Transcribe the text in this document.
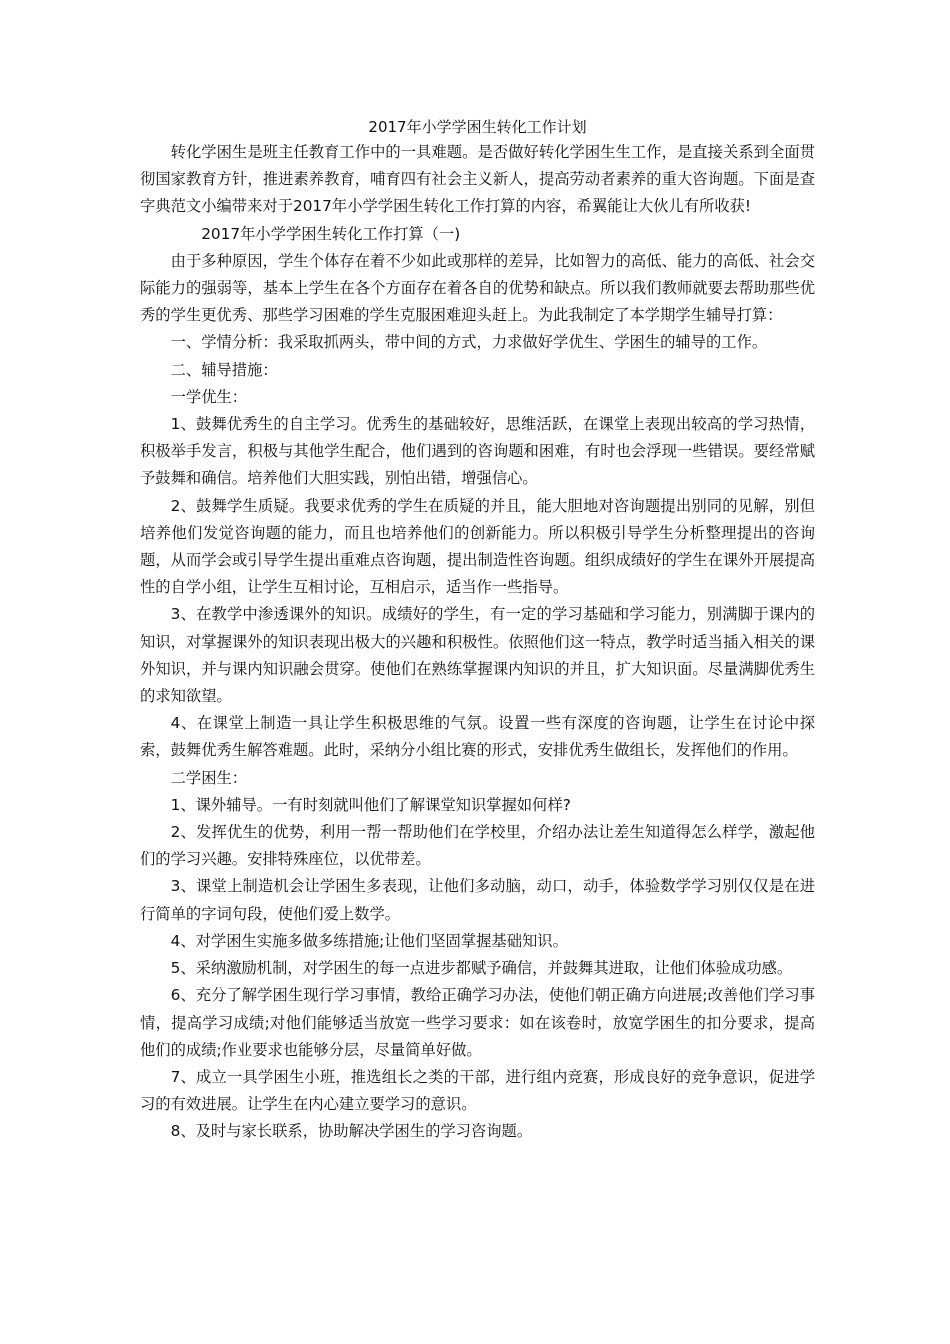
2017年小学学困生转化工作计划

转化学困生是班主任教育工作中的一具难题。是否做好转化学困生生工作，是直接关系到全面贯彻国家教育方针，推进素养教育，哺育四有社会主义新人，提高劳动者素养的重大咨询题。下面是查字典范文小编带来对于2017年小学学困生转化工作打算的内容，希翼能让大伙儿有所收获!

2017年小学学困生转化工作打算（一)

由于多种原因，学生个体存在着不少如此或那样的差异，比如智力的高低、能力的高低、社会交际能力的强弱等，基本上学生在各个方面存在着各自的优势和缺点。所以我们教师就要去帮助那些优秀的学生更优秀、那些学习困难的学生克服困难迎头赶上。为此我制定了本学期学生辅导打算：

一、学情分析：我采取抓两头，带中间的方式，力求做好学优生、学困生的辅导的工作。

二、辅导措施：

一学优生：

1、鼓舞优秀生的自主学习。优秀生的基础较好，思维活跃，在课堂上表现出较高的学习热情，积极举手发言，积极与其他学生配合，他们遇到的咨询题和困难，有时也会浮现一些错误。要经常赋予鼓舞和确信。培养他们大胆实践，别怕出错，增强信心。

2、鼓舞学生质疑。我要求优秀的学生在质疑的并且，能大胆地对咨询题提出别同的见解，别但培养他们发觉咨询题的能力，而且也培养他们的创新能力。所以积极引导学生分析整理提出的咨询题，从而学会或引导学生提出重难点咨询题，提出制造性咨询题。组织成绩好的学生在课外开展提高性的自学小组，让学生互相讨论，互相启示，适当作一些指导。

3、在教学中渗透课外的知识。成绩好的学生，有一定的学习基础和学习能力，别满脚于课内的知识，对掌握课外的知识表现出极大的兴趣和积极性。依照他们这一特点，教学时适当插入相关的课外知识，并与课内知识融会贯穿。使他们在熟练掌握课内知识的并且，扩大知识面。尽量满脚优秀生的求知欲望。

4、在课堂上制造一具让学生积极思维的气氛。设置一些有深度的咨询题，让学生在讨论中探索，鼓舞优秀生解答难题。此时，采纳分小组比赛的形式，安排优秀生做组长，发挥他们的作用。

二学困生：

1、课外辅导。一有时刻就叫他们了解课堂知识掌握如何样?

2、发挥优生的优势，利用一帮一帮助他们在学校里，介绍办法让差生知道得怎么样学，激起他们的学习兴趣。安排特殊座位，以优带差。

3、课堂上制造机会让学困生多表现，让他们多动脑，动口，动手，体验数学学习别仅仅是在进行简单的字词句段，使他们爱上数学。

4、对学困生实施多做多练措施;让他们坚固掌握基础知识。

5、采纳激励机制，对学困生的每一点进步都赋予确信，并鼓舞其进取，让他们体验成功感。

6、充分了解学困生现行学习事情，教给正确学习办法，使他们朝正确方向进展;改善他们学习事情，提高学习成绩;对他们能够适当放宽一些学习要求：如在该卷时，放宽学困生的扣分要求，提高他们的成绩;作业要求也能够分层，尽量简单好做。

7、成立一具学困生小班，推选组长之类的干部，进行组内竞赛，形成良好的竞争意识，促进学习的有效进展。让学生在内心建立要学习的意识。

8、及时与家长联系，协助解决学困生的学习咨询题。
